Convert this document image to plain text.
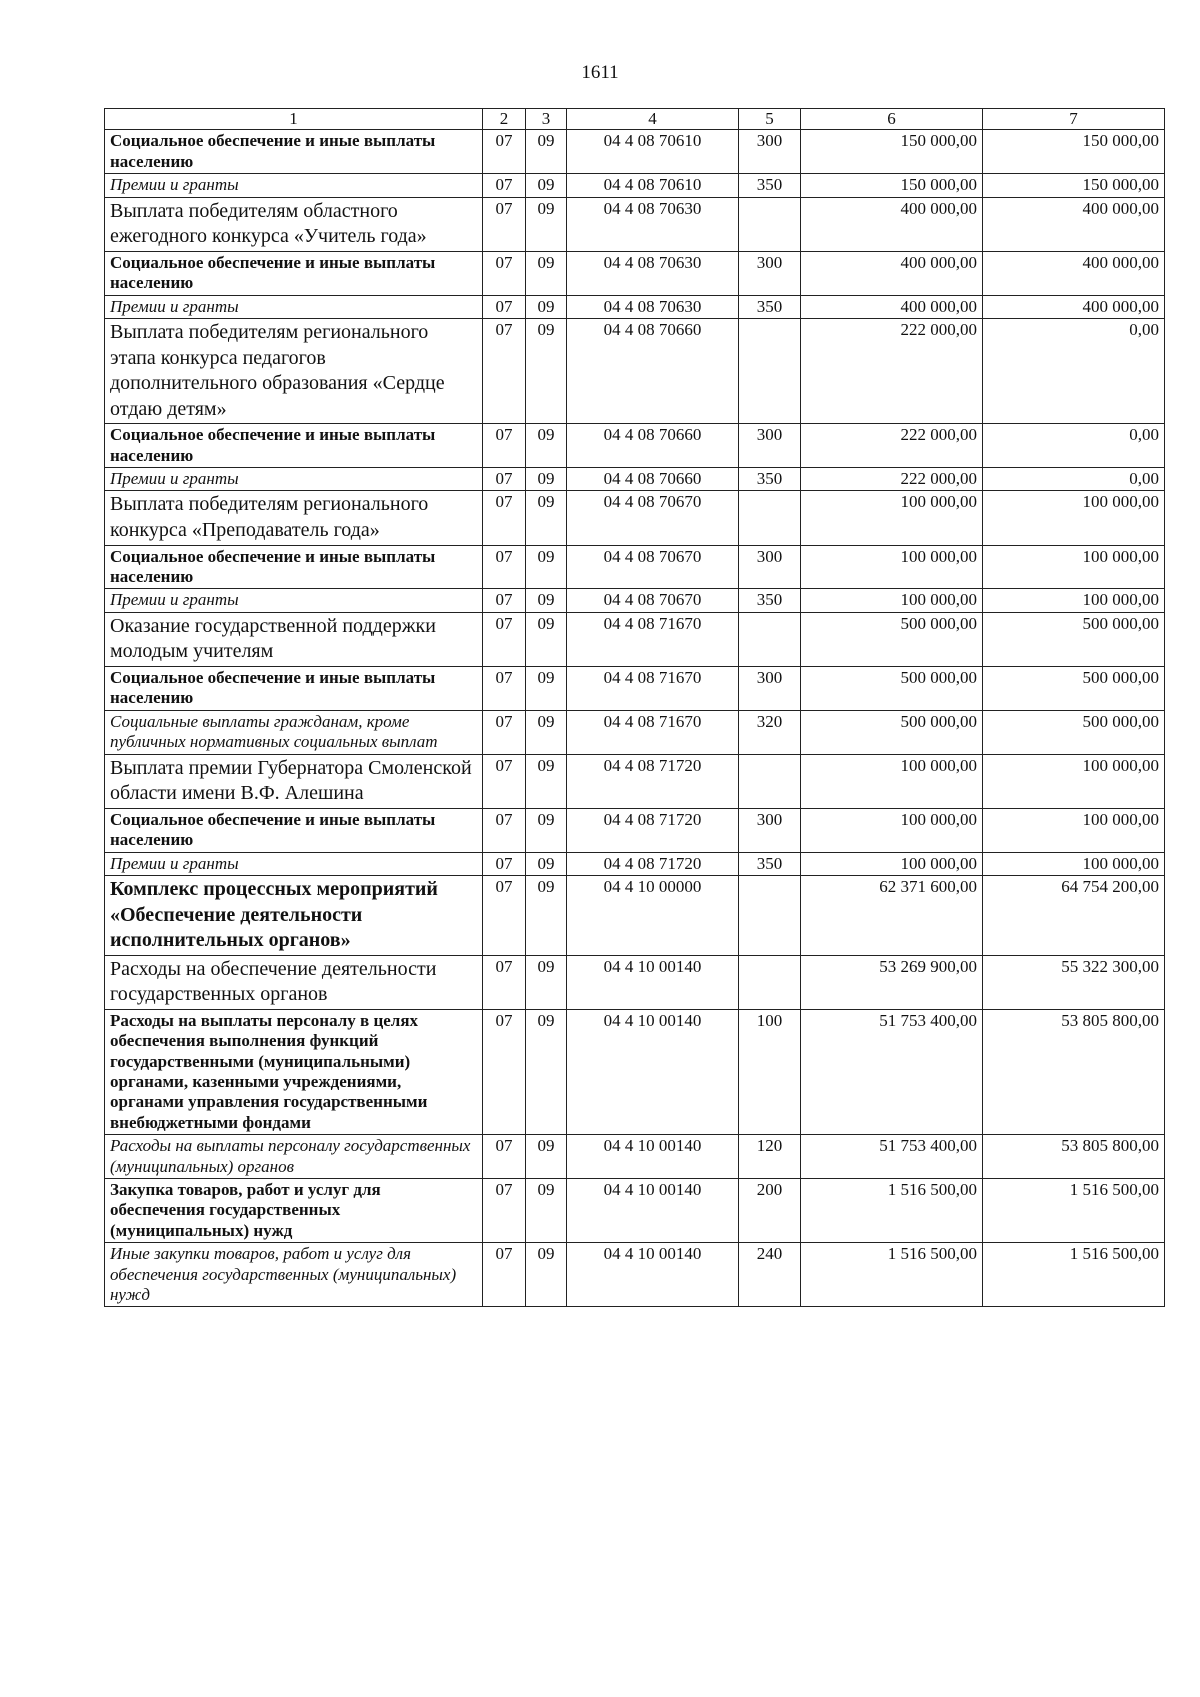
1611
1	2	3	4	5	6	7
Социальное обеспечение и иные выплаты населению	07	09	04 4 08 70610	300	150 000,00	150 000,00
Премии и гранты	07	09	04 4 08 70610	350	150 000,00	150 000,00
Выплата победителям областного ежегодного конкурса «Учитель года»	07	09	04 4 08 70630		400 000,00	400 000,00
Социальное обеспечение и иные выплаты населению	07	09	04 4 08 70630	300	400 000,00	400 000,00
Премии и гранты	07	09	04 4 08 70630	350	400 000,00	400 000,00
Выплата победителям регионального этапа конкурса педагогов дополнительного образования «Сердце отдаю детям»	07	09	04 4 08 70660		222 000,00	0,00
Социальное обеспечение и иные выплаты населению	07	09	04 4 08 70660	300	222 000,00	0,00
Премии и гранты	07	09	04 4 08 70660	350	222 000,00	0,00
Выплата победителям регионального конкурса «Преподаватель года»	07	09	04 4 08 70670		100 000,00	100 000,00
Социальное обеспечение и иные выплаты населению	07	09	04 4 08 70670	300	100 000,00	100 000,00
Премии и гранты	07	09	04 4 08 70670	350	100 000,00	100 000,00
Оказание государственной поддержки молодым учителям	07	09	04 4 08 71670		500 000,00	500 000,00
Социальное обеспечение и иные выплаты населению	07	09	04 4 08 71670	300	500 000,00	500 000,00
Социальные выплаты гражданам, кроме публичных нормативных социальных выплат	07	09	04 4 08 71670	320	500 000,00	500 000,00
Выплата премии Губернатора Смоленской области имени В.Ф. Алешина	07	09	04 4 08 71720		100 000,00	100 000,00
Социальное обеспечение и иные выплаты населению	07	09	04 4 08 71720	300	100 000,00	100 000,00
Премии и гранты	07	09	04 4 08 71720	350	100 000,00	100 000,00
Комплекс процессных мероприятий «Обеспечение деятельности исполнительных органов»	07	09	04 4 10 00000		62 371 600,00	64 754 200,00
Расходы на обеспечение деятельности государственных органов	07	09	04 4 10 00140		53 269 900,00	55 322 300,00
Расходы на выплаты персоналу в целях обеспечения выполнения функций государственными (муниципальными) органами, казенными учреждениями, органами управления государственными внебюджетными фондами	07	09	04 4 10 00140	100	51 753 400,00	53 805 800,00
Расходы на выплаты персоналу государственных (муниципальных) органов	07	09	04 4 10 00140	120	51 753 400,00	53 805 800,00
Закупка товаров, работ и услуг для обеспечения государственных (муниципальных) нужд	07	09	04 4 10 00140	200	1 516 500,00	1 516 500,00
Иные закупки товаров, работ и услуг для обеспечения государственных (муниципальных) нужд	07	09	04 4 10 00140	240	1 516 500,00	1 516 500,00
